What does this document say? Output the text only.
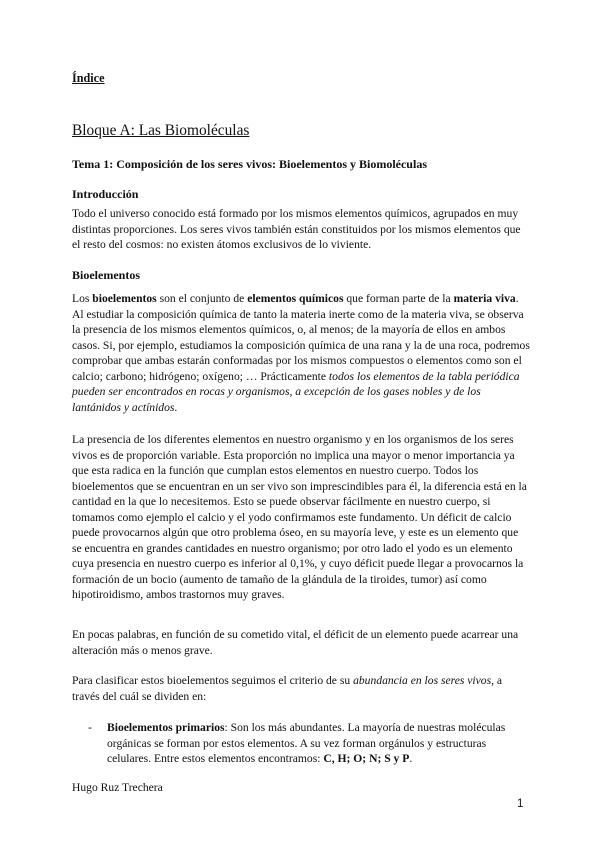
Índice
Bloque A: Las Biomoléculas
Tema 1: Composición de los seres vivos: Bioelementos y Biomoléculas
Introducción
Todo el universo conocido está formado por los mismos elementos químicos, agrupados en muy distintas proporciones. Los seres vivos también están constituidos por los mismos elementos que el resto del cosmos: no existen átomos exclusivos de lo viviente.
Bioelementos
Los bioelementos son el conjunto de elementos químicos que forman parte de la materia viva. Al estudiar la composición química de tanto la materia inerte como de la materia viva, se observa la presencia de los mismos elementos químicos, o, al menos; de la mayoría de ellos en ambos casos. Si, por ejemplo, estudiamos la composición química de una rana y la de una roca, podremos comprobar que ambas estarán conformadas por los mismos compuestos o elementos como son el calcio; carbono; hidrógeno; oxígeno; … Prácticamente todos los elementos de la tabla periódica pueden ser encontrados en rocas y organismos, a excepción de los gases nobles y de los lantánidos y actínidos.
La presencia de los diferentes elementos en nuestro organismo y en los organismos de los seres vivos es de proporción variable. Esta proporción no implica una mayor o menor importancia ya que esta radica en la función que cumplan estos elementos en nuestro cuerpo. Todos los bioelementos que se encuentran en un ser vivo son imprescindibles para él, la diferencia está en la cantidad en la que lo necesitemos. Esto se puede observar fácilmente en nuestro cuerpo, si tomamos como ejemplo el calcio y el yodo confirmamos este fundamento. Un déficit de calcio puede provocarnos algún que otro problema óseo, en su mayoría leve, y este es un elemento que se encuentra en grandes cantidades en nuestro organismo; por otro lado el yodo es un elemento cuya presencia en nuestro cuerpo es inferior al 0,1%, y cuyo déficit puede llegar a provocarnos la formación de un bocio (aumento de tamaño de la glándula de la tiroides, tumor) así como hipotiroidismo, ambos trastornos muy graves.
En pocas palabras, en función de su cometido vital, el déficit de un elemento puede acarrear una alteración más o menos grave.
Para clasificar estos bioelementos seguimos el criterio de su abundancia en los seres vivos, a través del cuál se dividen en:
- Bioelementos primarios: Son los más abundantes. La mayoría de nuestras moléculas orgánicas se forman por estos elementos. A su vez forman orgánulos y estructuras celulares. Entre estos elementos encontramos: C, H; O; N; S y P.
Hugo Ruz Trechera
1
